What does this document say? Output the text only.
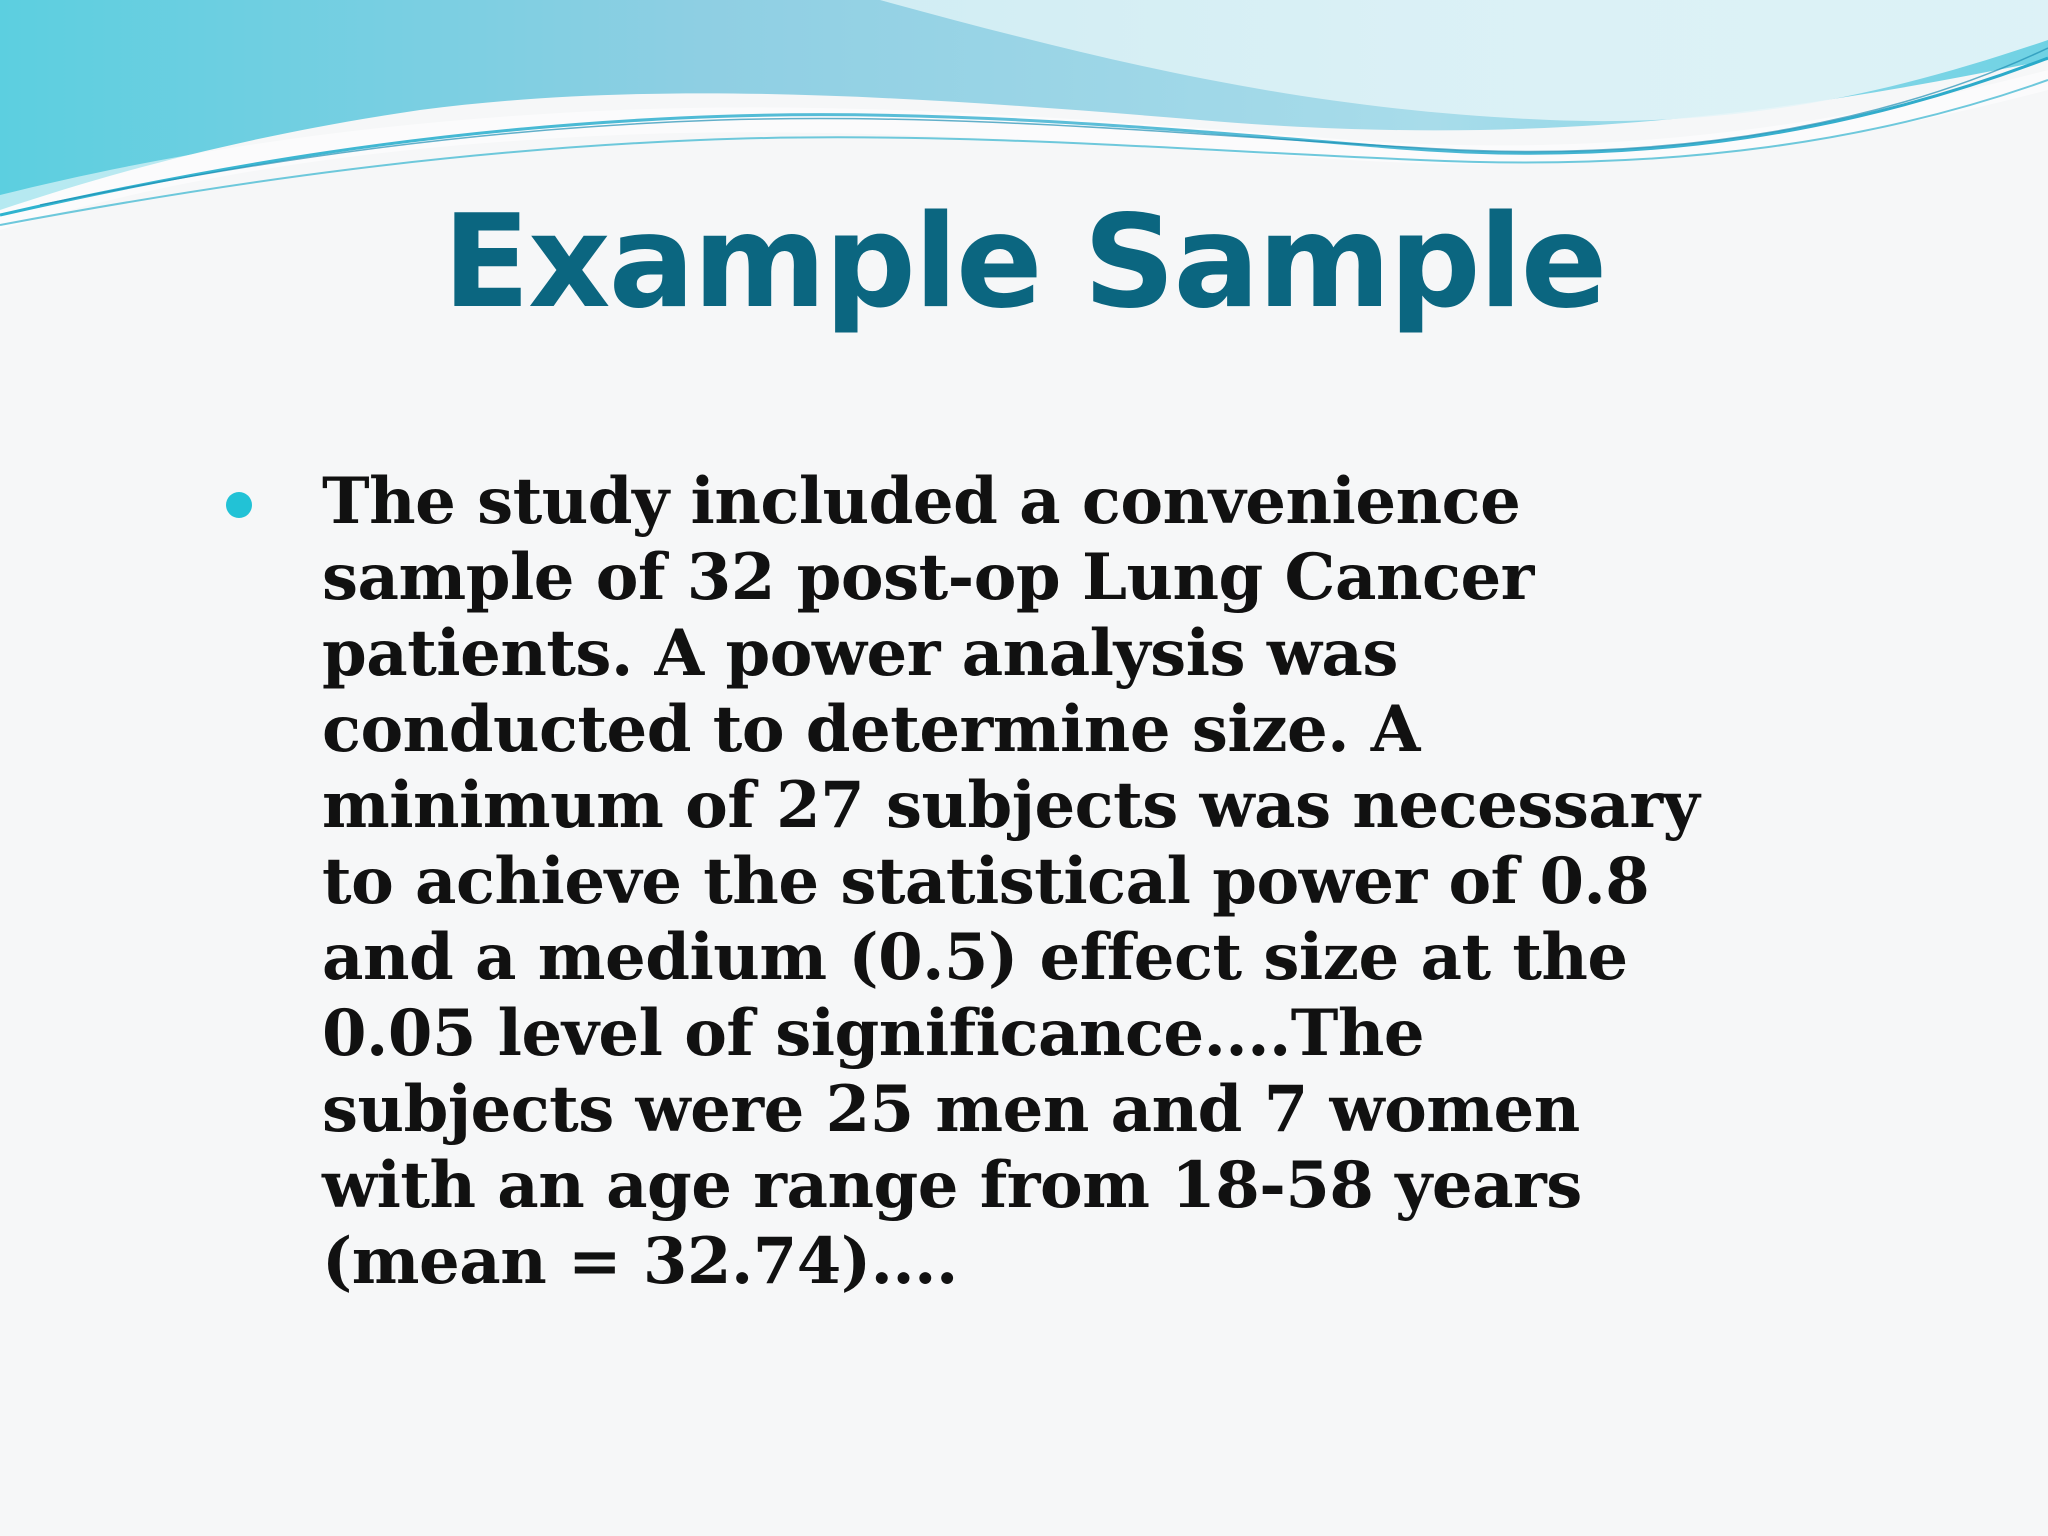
Example Sample
The study included a convenience
sample of 32 post-op Lung Cancer
patients. A power analysis was
conducted to determine size. A
minimum of 27 subjects was necessary
to achieve the statistical power of 0.8
and a medium (0.5) effect size at the
0.05 level of significance....The
subjects were 25 men and 7 women
with an age range from 18-58 years
(mean = 32.74)....
